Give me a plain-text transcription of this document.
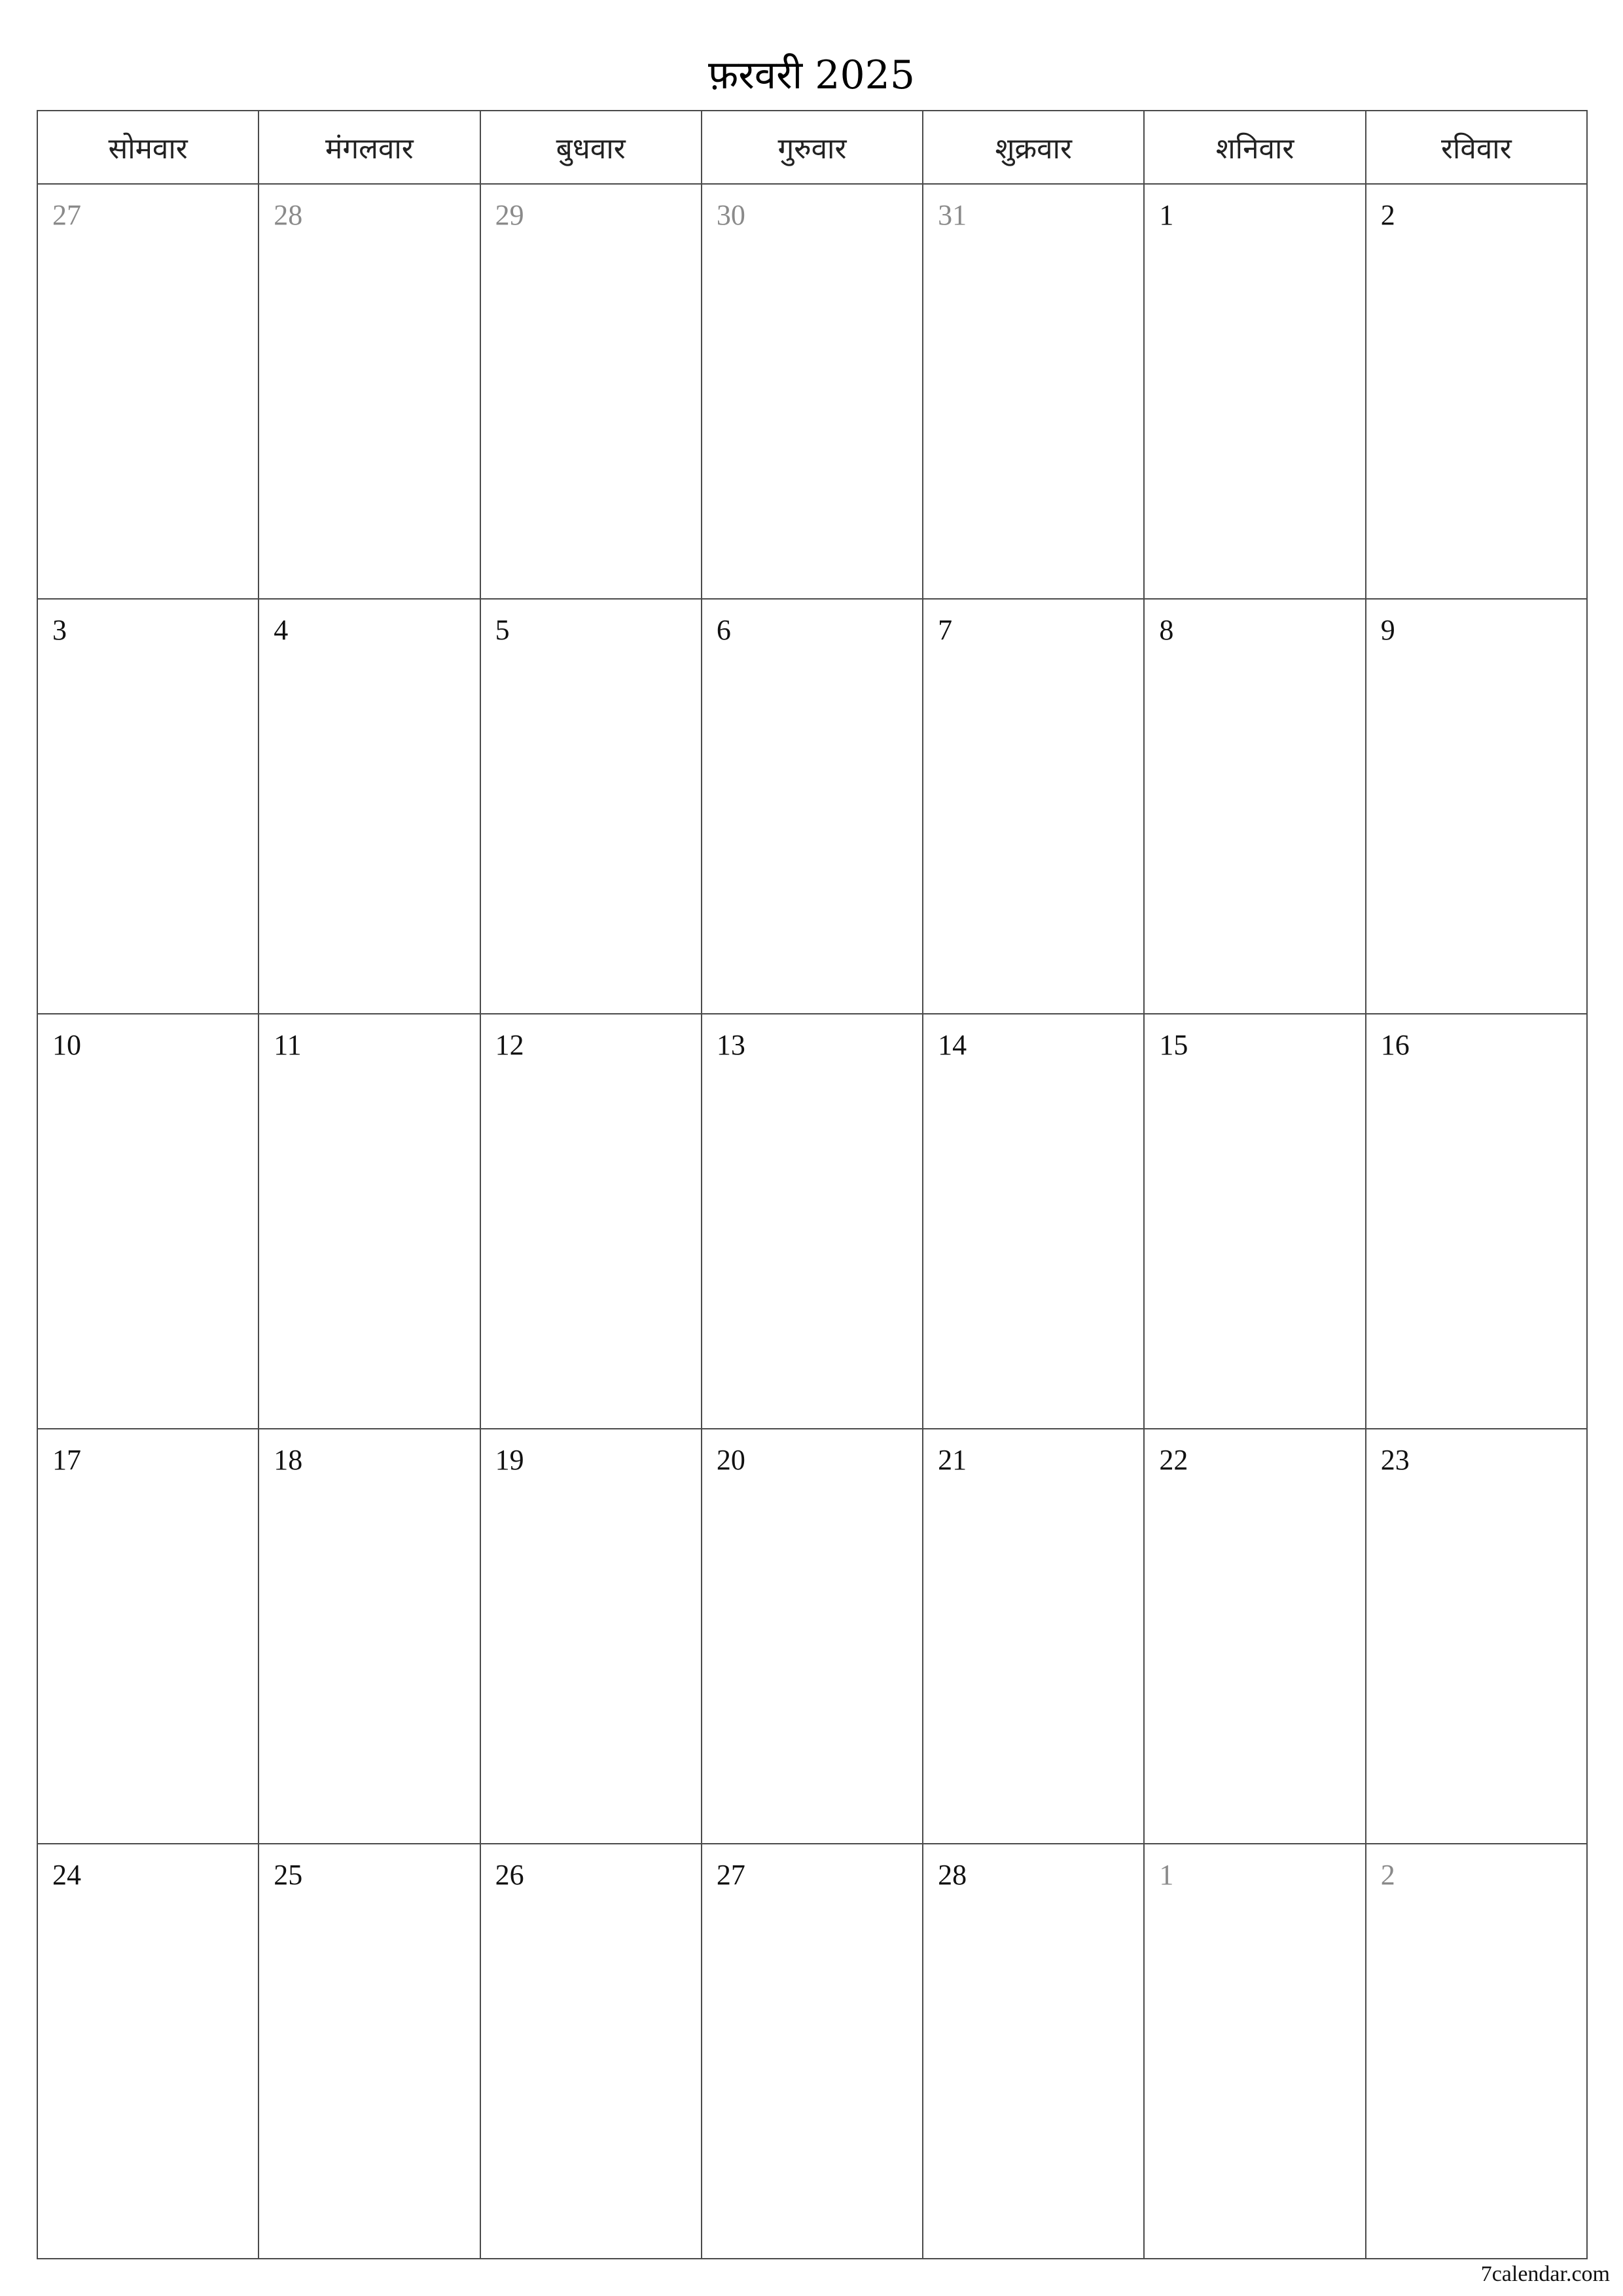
फ़रवरी 2025
सोमवार	मंगलवार	बुधवार	गुरुवार	शुक्रवार	शनिवार	रविवार

27	28	29	30	31	1	2

3	4	5	6	7	8	9

10	11	12	13	14	15	16

17	18	19	20	21	22	23

24	25	26	27	28	1	2
7calendar.com
